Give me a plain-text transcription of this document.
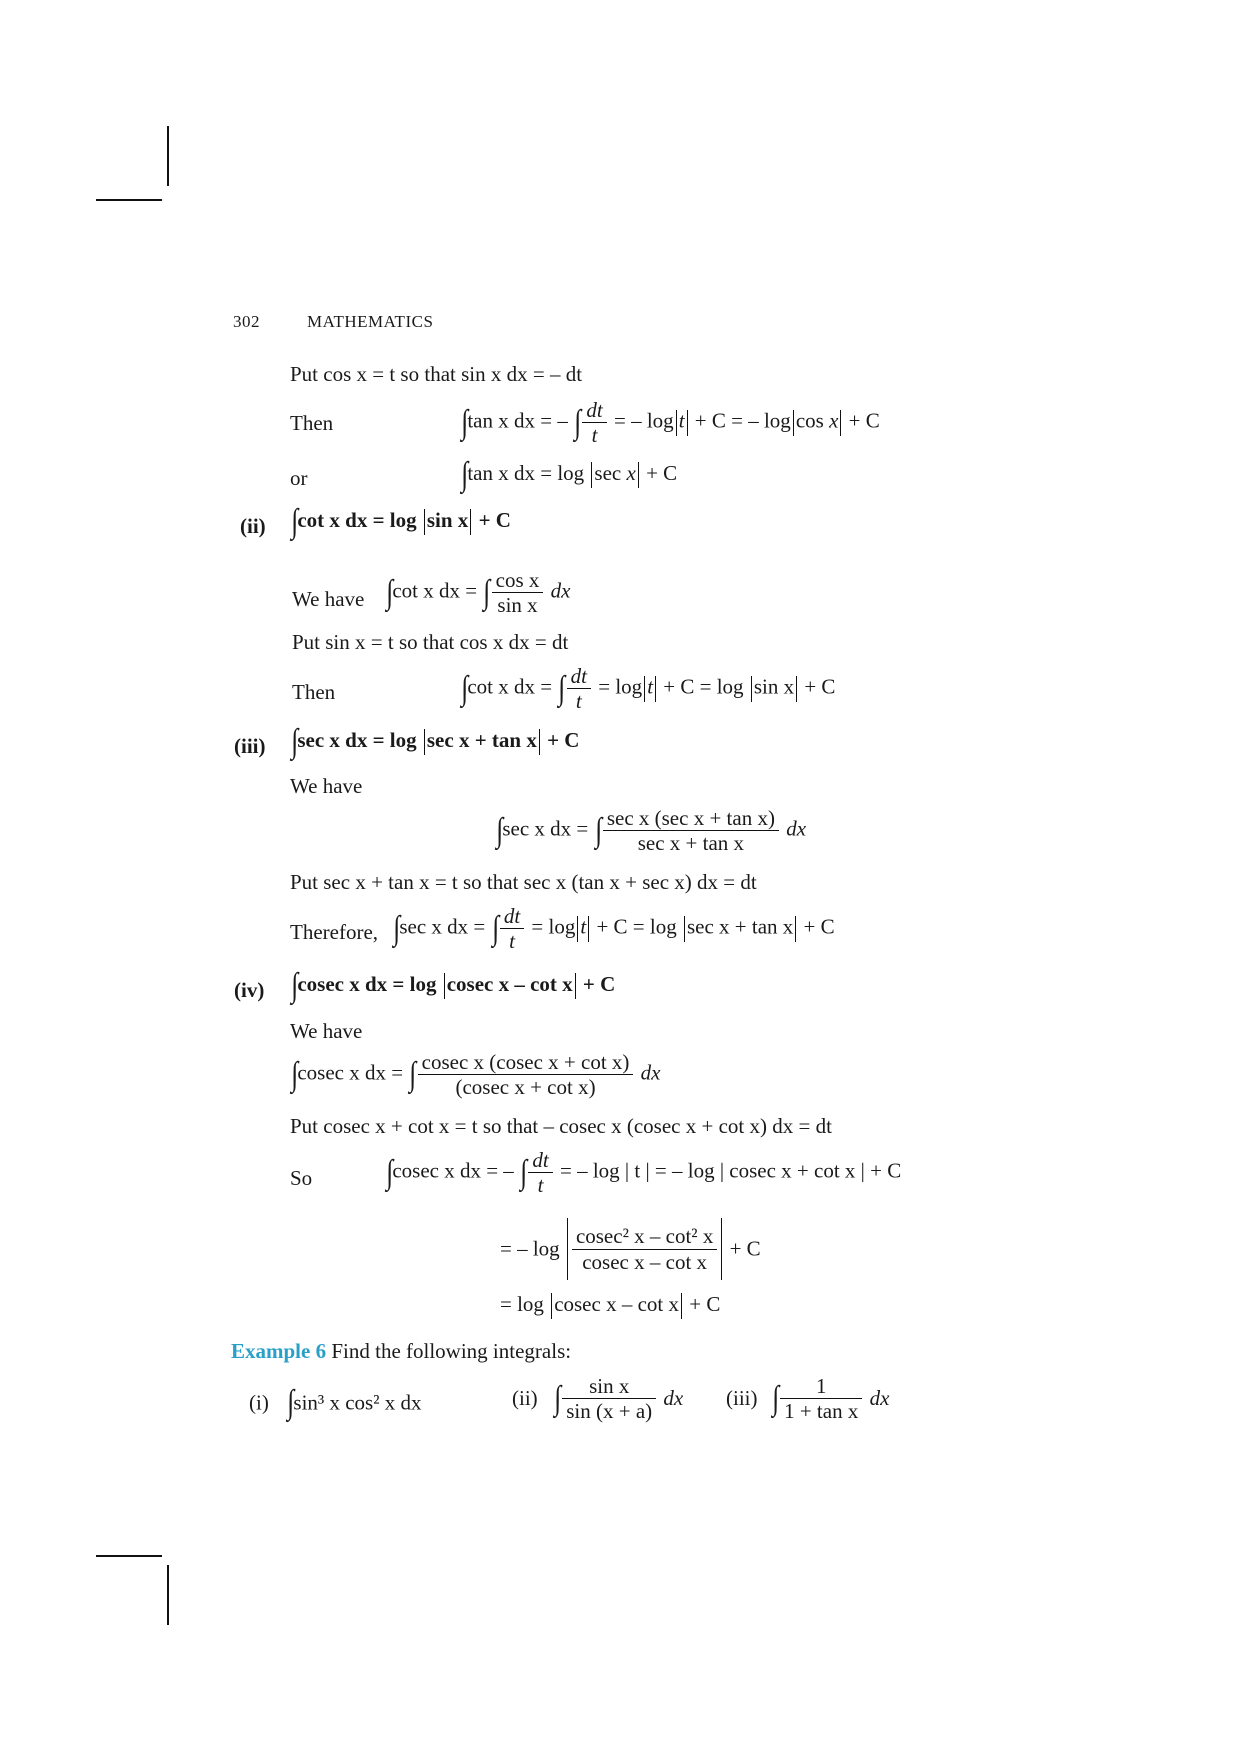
302	MATHEMATICS
Put cos x = t so that sin x dx = – dt
Then	∫tan x dx = – ∫ $\frac{dt}{t}$ = – log t + C = – log cos x + C
or	∫tan x dx = log sec x + C
(ii) ∫cot x dx = log sin x + C
We have ∫cot x dx = ∫ $\frac{\text{cos x}}{\text{sin x}}$ dx
Put sin x = t so that cos x dx = dt
Then	∫cot x dx = ∫ $\frac{dt}{t} = \log t + C = \log \sin x + C$
(iii) ∫sec x dx = log sec x + tan x + C
We have
∫sec x dx = ∫ $\frac{\text{sec x (sec x + tan x)}}{\text{sec x + tan x}}$ dx
Put sec x + tan x = t so that sec x (tan x + sec x) dx = dt
Therefore, ∫sec x dx = ∫ $\frac{dt}{t} = \log t + C = \log \sec x + \tan x + C$
(iv) ∫cosec x dx = log cosec x – cot x + C
We have
∫cosec x dx = ∫ $\frac{\text{cosec x (cosec x + cot x)}}{\text{(cosec x + cot x)}}$ dx
Put cosec x + cot x = t so that – cosec x (cosec x + cot x) dx = dt
So ∫cosec x dx = – ∫ $\frac{dt}{t}$ = – log | t | = – log | cosec x + cot x | + C
= – $\log \frac{\text{cosec² x – cot² x}}{\text{cosec x – cot x}} + C$
= log cosec x – cot x + C
Example 6 Find the following integrals:
(i) ∫sin³ x cos² x dx	(ii) ∫ $\frac{\text{sin x}}{\sin (x + a)}$ dx (iii) ∫ $\frac{1}{\text{1 + tan x}}$ dx
